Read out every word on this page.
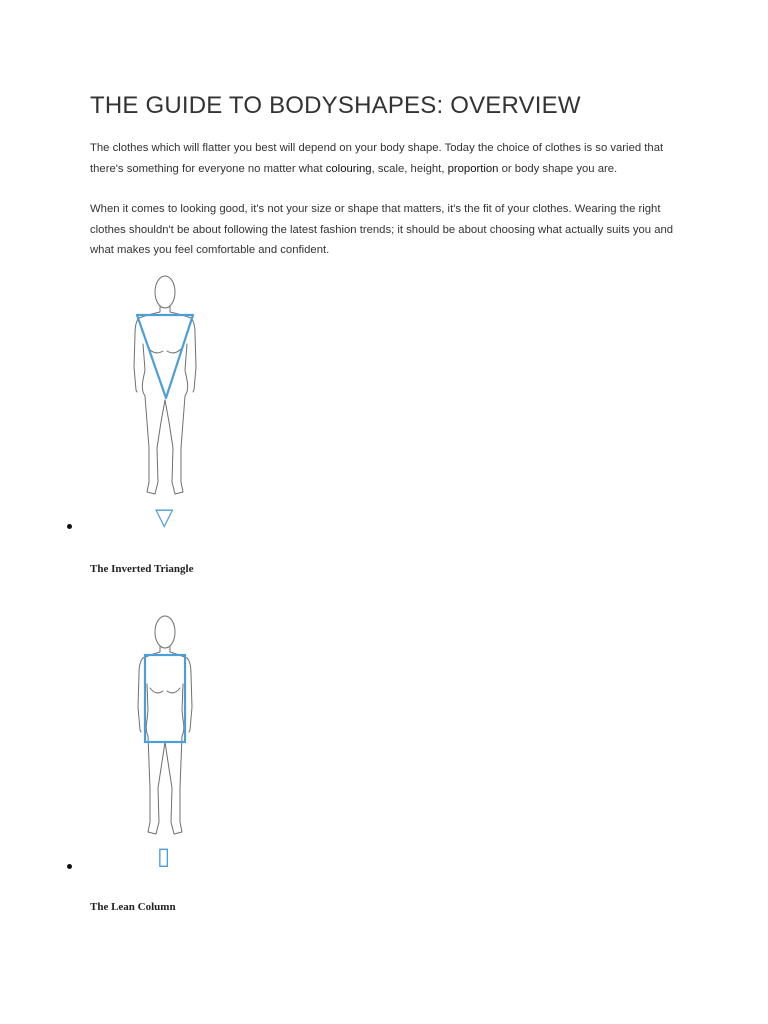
THE GUIDE TO BODYSHAPES: OVERVIEW

The clothes which will flatter you best will depend on your body shape. Today the choice of clothes is so varied that there's something for everyone no matter what colouring, scale, height, proportion or body shape you are.

When it comes to looking good, it's not your size or shape that matters, it's the fit of your clothes. Wearing the right clothes shouldn't be about following the latest fashion trends; it should be about choosing what actually suits you and what makes you feel comfortable and confident.

▽

The Inverted Triangle

▯

The Lean Column
